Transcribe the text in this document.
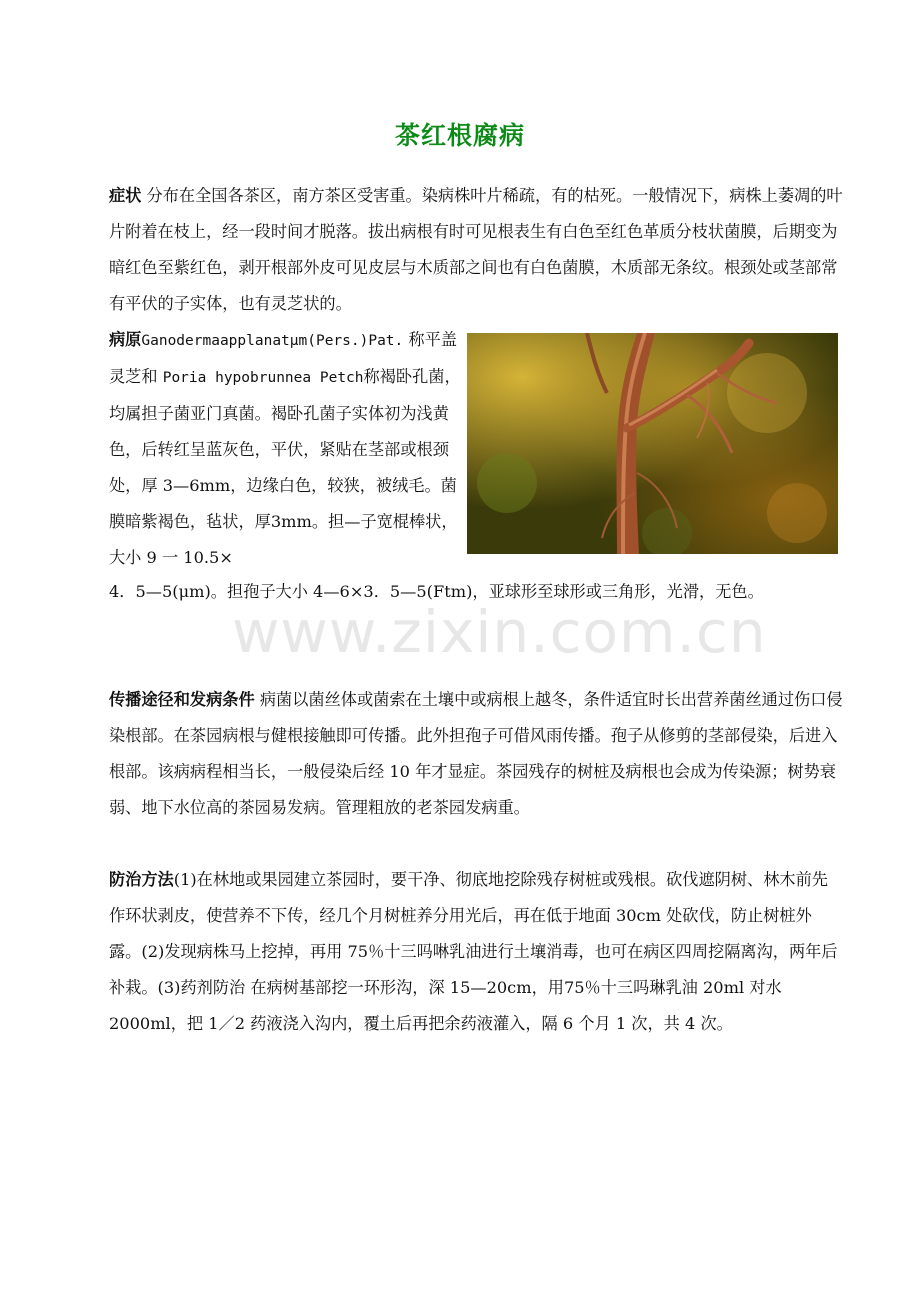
茶红根腐病

症状 分布在全国各茶区，南方茶区受害重。染病株叶片稀疏，有的枯死。一般情况下，病株上萎凋的叶片附着在枝上，经一段时间才脱落。拔出病根有时可见根表生有白色至红色革质分枝状菌膜，后期变为暗红色至紫红色，剥开根部外皮可见皮层与木质部之间也有白色菌膜，木质部无条纹。根颈处或茎部常有平伏的子实体，也有灵芝状的。

病原Ganodermaapplanatμm(Pers.)Pat. 称平盖灵芝和 Poria hypobrunnea Petch称褐卧孔菌，均属担子菌亚门真菌。褐卧孔菌子实体初为浅黄色，后转红呈蓝灰色，平伏，紧贴在茎部或根颈处，厚 3—6mm，边缘白色，较狭，被绒毛。菌膜暗紫褐色，毡状，厚3mm。担—子宽棍棒状，大小 9 一 10.5×

4．5—5(μm)。担孢子大小 4—6×3．5—5(Ftm)，亚球形至球形或三角形，光滑，无色。

www.zixin.com.cn

传播途径和发病条件 病菌以菌丝体或菌索在土壤中或病根上越冬，条件适宜时长出营养菌丝通过伤口侵染根部。在茶园病根与健根接触即可传播。此外担孢子可借风雨传播。孢子从修剪的茎部侵染，后进入根部。该病病程相当长，一般侵染后经 10 年才显症。茶园残存的树桩及病根也会成为传染源；树势衰弱、地下水位高的茶园易发病。管理粗放的老茶园发病重。

防治方法(1)在林地或果园建立茶园时，要干净、彻底地挖除残存树桩或残根。砍伐遮阴树、林木前先作环状剥皮，使营养不下传，经几个月树桩养分用光后，再在低于地面 30cm 处砍伐，防止树桩外露。(2)发现病株马上挖掉，再用 75％十三吗啉乳油进行土壤消毒，也可在病区四周挖隔离沟，两年后补栽。(3)药剂防治 在病树基部挖一环形沟，深 15—20cm，用75％十三吗琳乳油 20ml 对水 2000ml，把 1／2 药液浇入沟内，覆土后再把余药液灌入，隔 6 个月 1 次，共 4 次。
